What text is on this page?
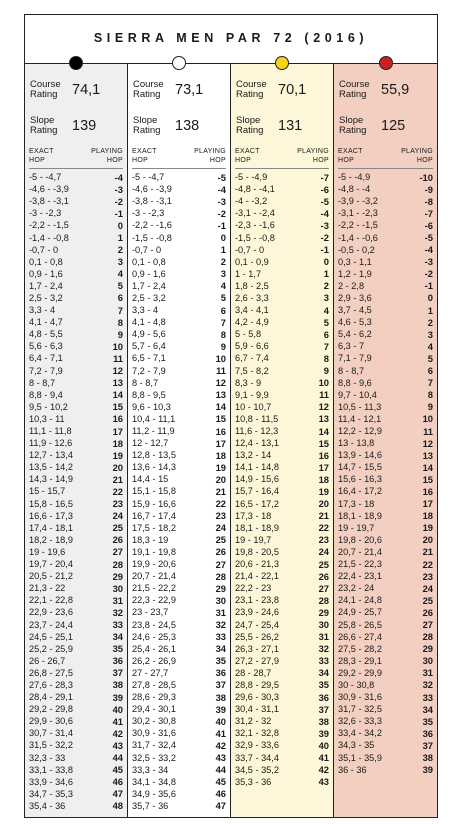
SIERRA MEN PAR 72 (2016)
Course Rating	74,1
Slope Rating	139
EXACT HOP
PLAYING HOP
-5 - -4,7	-4
-4,6 - -3,9	-3
-3,8 - -3,1	-2
-3 - -2,3	-1
-2,2 - -1,5	0
-1,4 - -0,8	1
-0,7 - 0	2
0,1 - 0,8	3
0,9 - 1,6	4
1,7 - 2,4	5
2,5 - 3,2	6
3,3 - 4	7
4,1 - 4,7	8
4,8 - 5,5	9
5,6 - 6,3	10
6,4 - 7,1	11
7,2 - 7,9	12
8 - 8,7	13
8,8 - 9,4	14
9,5 - 10,2	15
10,3 - 11	16
11,1 - 11,8	17
11,9 - 12,6	18
12,7 - 13,4	19
13,5 - 14,2	20
14,3 - 14,9	21
15 - 15,7	22
15,8 - 16,5	23
16,6 - 17,3	24
17,4 - 18,1	25
18,2 - 18,9	26
19 - 19,6	27
19,7 - 20,4	28
20,5 - 21,2	29
21,3 - 22	30
22,1 - 22,8	31
22,9 - 23,6	32
23,7 - 24,4	33
24,5 - 25,1	34
25,2 - 25,9	35
26 - 26,7	36
26,8 - 27,5	37
27,6 - 28,3	38
28,4 - 29,1	39
29,2 - 29,8	40
29,9 - 30,6	41
30,7 - 31,4	42
31,5 - 32,2	43
32,3 - 33	44
33,1 - 33,8	45
33,9 - 34,6	46
34,7 - 35,3	47
35,4 - 36	48
Course Rating	73,1
Slope Rating	138
EXACT HOP
PLAYING HOP
-5 - -4,7	-5
-4,6 - -3,9	-4
-3,8 - -3,1	-3
-3 - -2,3	-2
-2,2 - -1,6	-1
-1,5 - -0,8	0
-0,7 - 0	1
0,1 - 0,8	2
0,9 - 1,6	3
1,7 - 2,4	4
2,5 - 3,2	5
3,3 - 4	6
4,1 - 4,8	7
4,9 - 5,6	8
5,7 - 6,4	9
6,5 - 7,1	10
7,2 - 7,9	11
8 - 8,7	12
8,8 - 9,5	13
9,6 - 10,3	14
10,4 - 11,1	15
11,2 - 11,9	16
12 - 12,7	17
12,8 - 13,5	18
13,6 - 14,3	19
14,4 - 15	20
15,1 - 15,8	21
15,9 - 16,6	22
16,7 - 17,4	23
17,5 - 18,2	24
18,3 - 19	25
19,1 - 19,8	26
19,9 - 20,6	27
20,7 - 21,4	28
21,5 - 22,2	29
22,3 - 22,9	30
23 - 23,7	31
23,8 - 24,5	32
24,6 - 25,3	33
25,4 - 26,1	34
26,2 - 26,9	35
27 - 27,7	36
27,8 - 28,5	37
28,6 - 29,3	38
29,4 - 30,1	39
30,2 - 30,8	40
30,9 - 31,6	41
31,7 - 32,4	42
32,5 - 33,2	43
33,3 - 34	44
34,1 - 34,8	45
34,9 - 35,6	46
35,7 - 36	47
Course Rating	70,1
Slope Rating	131
EXACT HOP
PLAYING HOP
-5 - -4,9	-7
-4,8 - -4,1	-6
-4 - -3,2	-5
-3,1 - -2,4	-4
-2,3 - -1,6	-3
-1,5 - -0,8	-2
-0,7 - 0	-1
0,1 - 0,9	0
1 - 1,7	1
1,8 - 2,5	2
2,6 - 3,3	3
3,4 - 4,1	4
4,2 - 4,9	5
5 - 5,8	6
5,9 - 6,6	7
6,7 - 7,4	8
7,5 - 8,2	9
8,3 - 9	10
9,1 - 9,9	11
10 - 10,7	12
10,8 - 11,5	13
11,6 - 12,3	14
12,4 - 13,1	15
13,2 - 14	16
14,1 - 14,8	17
14,9 - 15,6	18
15,7 - 16,4	19
16,5 - 17,2	20
17,3 - 18	21
18,1 - 18,9	22
19 - 19,7	23
19,8 - 20,5	24
20,6 - 21,3	25
21,4 - 22,1	26
22,2 - 23	27
23,1 - 23,8	28
23,9 - 24,6	29
24,7 - 25,4	30
25,5 - 26,2	31
26,3 - 27,1	32
27,2 - 27,9	33
28 - 28,7	34
28,8 - 29,5	35
29,6 - 30,3	36
30,4 - 31,1	37
31,2 - 32	38
32,1 - 32,8	39
32,9 - 33,6	40
33,7 - 34,4	41
34,5 - 35,2	42
35,3 - 36	43
Course Rating	55,9
Slope Rating	125
EXACT HOP
PLAYING HOP
-5 - -4,9	-10
-4,8 - -4	-9
-3,9 - -3,2	-8
-3,1 - -2,3	-7
-2,2 - -1,5	-6
-1,4 - -0,6	-5
-0,5 - 0,2	-4
0,3 - 1,1	-3
1,2 - 1,9	-2
2 - 2,8	-1
2,9 - 3,6	0
3,7 - 4,5	1
4,6 - 5,3	2
5,4 - 6,2	3
6,3 - 7	4
7,1 - 7,9	5
8 - 8,7	6
8,8 - 9,6	7
9,7 - 10,4	8
10,5 - 11,3	9
11,4 - 12,1	10
12,2 - 12,9	11
13 - 13,8	12
13,9 - 14,6	13
14,7 - 15,5	14
15,6 - 16,3	15
16,4 - 17,2	16
17,3 - 18	17
18,1 - 18,9	18
19 - 19,7	19
19,8 - 20,6	20
20,7 - 21,4	21
21,5 - 22,3	22
22,4 - 23,1	23
23,2 - 24	24
24,1 - 24,8	25
24,9 - 25,7	26
25,8 - 26,5	27
26,6 - 27,4	28
27,5 - 28,2	29
28,3 - 29,1	30
29,2 - 29,9	31
30 - 30,8	32
30,9 - 31,6	33
31,7 - 32,5	34
32,6 - 33,3	35
33,4 - 34,2	36
34,3 - 35	37
35,1 - 35,9	38
36 - 36	39
